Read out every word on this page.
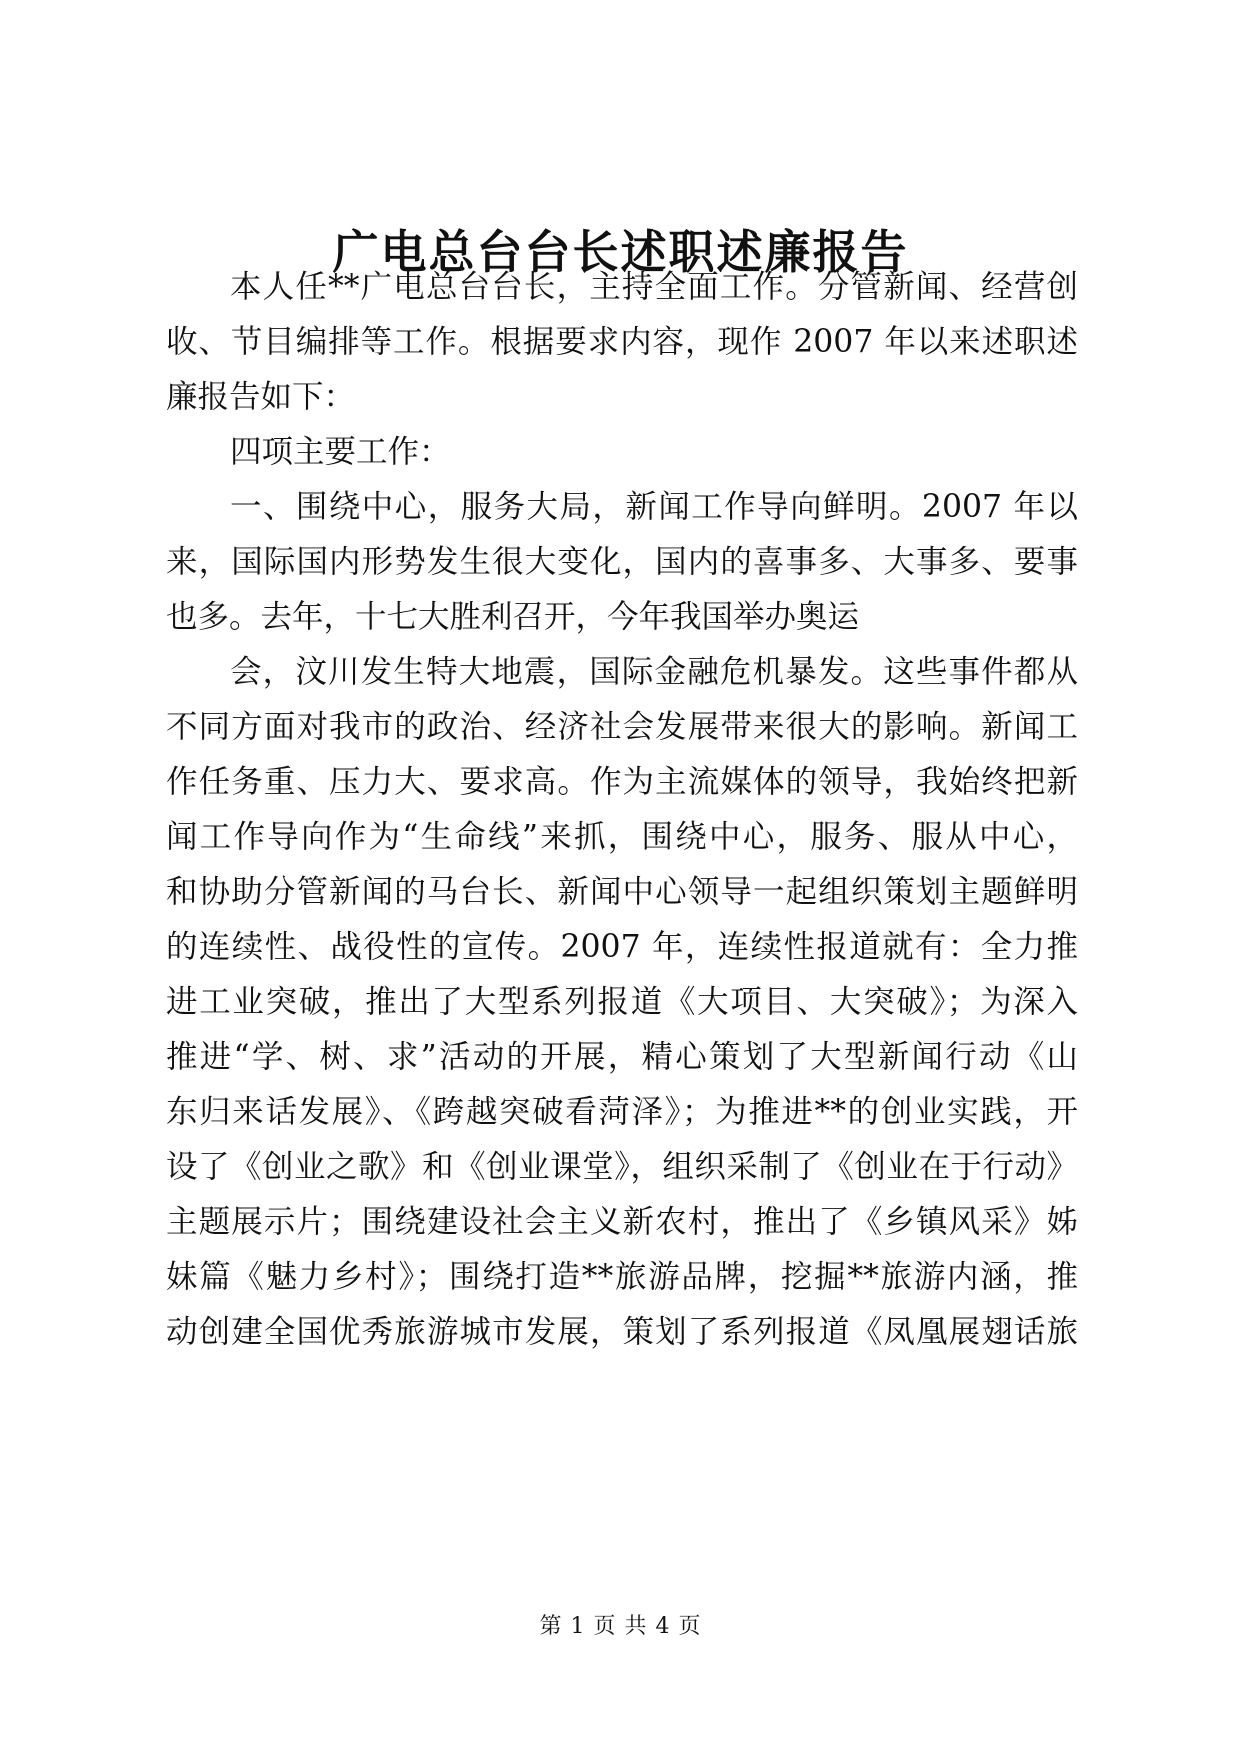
广电总台台长述职述廉报告

本人任**广电总台台长，主持全面工作。分管新闻、经营创

收、节目编排等工作。根据要求内容，现作 2007 年以来述职述

廉报告如下：

四项主要工作：

一、围绕中心，服务大局，新闻工作导向鲜明。2007 年以

来，国际国内形势发生很大变化，国内的喜事多、大事多、要事

也多。去年，十七大胜利召开，今年我国举办奥运

会，汶川发生特大地震，国际金融危机暴发。这些事件都从

不同方面对我市的政治、经济社会发展带来很大的影响。新闻工

作任务重、压力大、要求高。作为主流媒体的领导，我始终把新

闻工作导向作为“生命线”来抓，围绕中心，服务、服从中心，

和协助分管新闻的马台长、新闻中心领导一起组织策划主题鲜明

的连续性、战役性的宣传。2007 年，连续性报道就有：全力推

进工业突破，推出了大型系列报道《大项目、大突破》；为深入

推进“学、树、求”活动的开展，精心策划了大型新闻行动《山

东归来话发展》、《跨越突破看菏泽》；为推进**的创业实践，开

设了《创业之歌》和《创业课堂》，组织采制了《创业在于行动》

主题展示片；围绕建设社会主义新农村，推出了《乡镇风采》姊

妹篇《魅力乡村》；围绕打造**旅游品牌，挖掘**旅游内涵，推

动创建全国优秀旅游城市发展，策划了系列报道《凤凰展翅话旅

第 1 页 共 4 页
